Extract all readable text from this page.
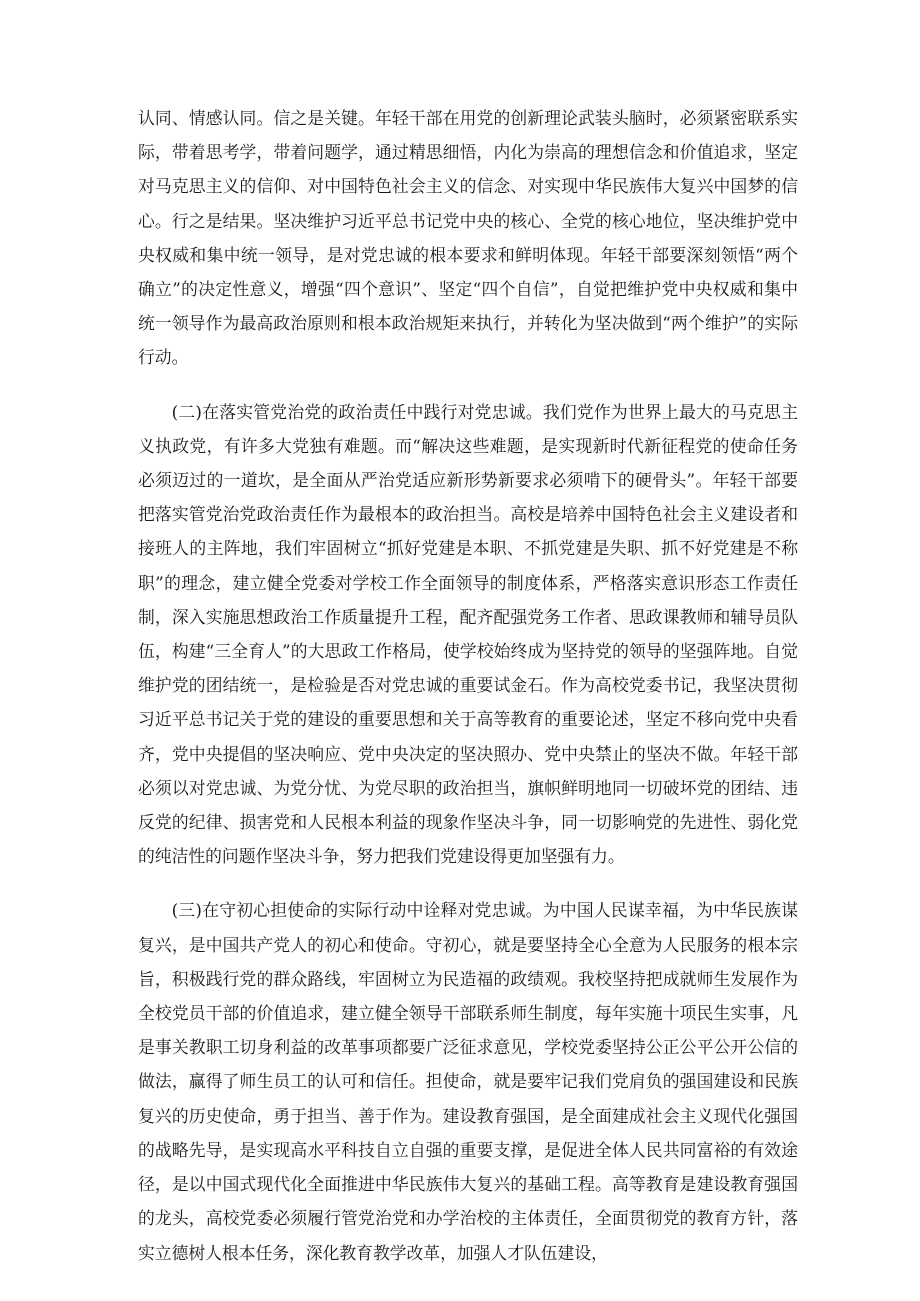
认同、情感认同。信之是关键。年轻干部在用党的创新理论武装头脑时，必须紧密联系实际，带着思考学，带着问题学，通过精思细悟，内化为崇高的理想信念和价值追求，坚定对马克思主义的信仰、对中国特色社会主义的信念、对实现中华民族伟大复兴中国梦的信心。行之是结果。坚决维护习近平总书记党中央的核心、全党的核心地位，坚决维护党中央权威和集中统一领导，是对党忠诚的根本要求和鲜明体现。年轻干部要深刻领悟“两个确立”的决定性意义，增强“四个意识”、坚定“四个自信”，自觉把维护党中央权威和集中统一领导作为最高政治原则和根本政治规矩来执行，并转化为坚决做到“两个维护”的实际行动。

(二)在落实管党治党的政治责任中践行对党忠诚。我们党作为世界上最大的马克思主义执政党，有许多大党独有难题。而“解决这些难题，是实现新时代新征程党的使命任务必须迈过的一道坎，是全面从严治党适应新形势新要求必须啃下的硬骨头”。年轻干部要把落实管党治党政治责任作为最根本的政治担当。高校是培养中国特色社会主义建设者和接班人的主阵地，我们牢固树立“抓好党建是本职、不抓党建是失职、抓不好党建是不称职”的理念，建立健全党委对学校工作全面领导的制度体系，严格落实意识形态工作责任制，深入实施思想政治工作质量提升工程，配齐配强党务工作者、思政课教师和辅导员队伍，构建“三全育人”的大思政工作格局，使学校始终成为坚持党的领导的坚强阵地。自觉维护党的团结统一，是检验是否对党忠诚的重要试金石。作为高校党委书记，我坚决贯彻习近平总书记关于党的建设的重要思想和关于高等教育的重要论述，坚定不移向党中央看齐，党中央提倡的坚决响应、党中央决定的坚决照办、党中央禁止的坚决不做。年轻干部必须以对党忠诚、为党分忧、为党尽职的政治担当，旗帜鲜明地同一切破坏党的团结、违反党的纪律、损害党和人民根本利益的现象作坚决斗争，同一切影响党的先进性、弱化党的纯洁性的问题作坚决斗争，努力把我们党建设得更加坚强有力。

(三)在守初心担使命的实际行动中诠释对党忠诚。为中国人民谋幸福，为中华民族谋复兴，是中国共产党人的初心和使命。守初心，就是要坚持全心全意为人民服务的根本宗旨，积极践行党的群众路线，牢固树立为民造福的政绩观。我校坚持把成就师生发展作为全校党员干部的价值追求，建立健全领导干部联系师生制度，每年实施十项民生实事，凡是事关教职工切身利益的改革事项都要广泛征求意见，学校党委坚持公正公平公开公信的做法，赢得了师生员工的认可和信任。担使命，就是要牢记我们党肩负的强国建设和民族复兴的历史使命，勇于担当、善于作为。建设教育强国，是全面建成社会主义现代化强国的战略先导，是实现高水平科技自立自强的重要支撑，是促进全体人民共同富裕的有效途径，是以中国式现代化全面推进中华民族伟大复兴的基础工程。高等教育是建设教育强国的龙头，高校党委必须履行管党治党和办学治校的主体责任，全面贯彻党的教育方针，落实立德树人根本任务，深化教育教学改革，加强人才队伍建设，
